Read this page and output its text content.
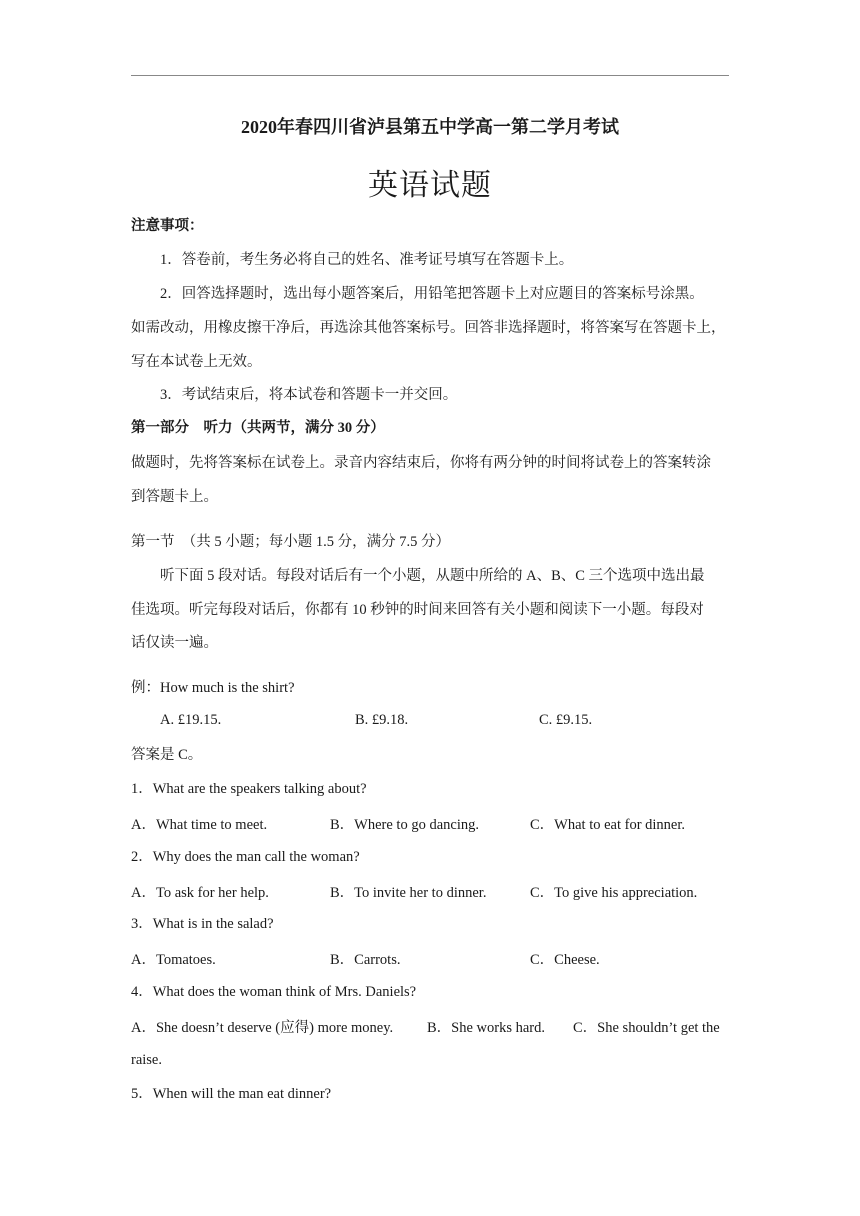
2020年春四川省泸县第五中学高一第二学月考试
英语试题
注意事项：
1．答卷前，考生务必将自己的姓名、准考证号填写在答题卡上。
2．回答选择题时，选出每小题答案后，用铅笔把答题卡上对应题目的答案标号涂黑。
如需改动，用橡皮擦干净后，再选涂其他答案标号。回答非选择题时，将答案写在答题卡上，
写在本试卷上无效。
3．考试结束后，将本试卷和答题卡一并交回。
第一部分　听力（共两节，满分 30 分）
做题时，先将答案标在试卷上。录音内容结束后，你将有两分钟的时间将试卷上的答案转涂
到答题卡上。
第一节　（共 5 小题；每小题 1.5 分，满分 7.5 分）
听下面 5 段对话。每段对话后有一个小题，从题中所给的 A、B、C 三个选项中选出最
佳选项。听完每段对话后，你都有 10 秒钟的时间来回答有关小题和阅读下一小题。每段对
话仅读一遍。
例：How much is the shirt?
A. £19.15.	B. £9.18.	C. £9.15.
答案是 C。
1．What are the speakers talking about?
A．What time to meet.	B．Where to go dancing.	C．What to eat for dinner.
2．Why does the man call the woman?
A．To ask for her help.	B．To invite her to dinner.	C．To give his appreciation.
3．What is in the salad?
A．Tomatoes.	B．Carrots.	C．Cheese.
4．What does the woman think of Mrs. Daniels?
A．She doesn’t deserve (应得) more money. B．She works hard. C．She shouldn’t get the
raise.
5．When will the man eat dinner?
